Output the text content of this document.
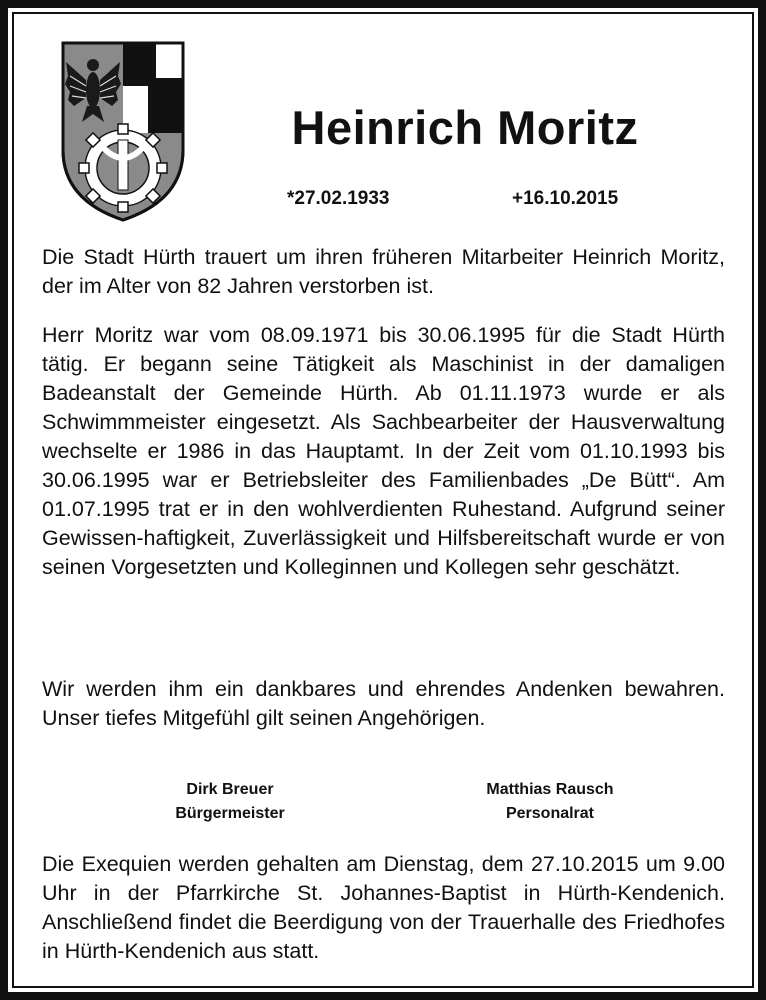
Heinrich Moritz
*27.02.1933	+16.10.2015

Die Stadt Hürth trauert um ihren früheren Mitarbeiter Heinrich Moritz, der im Alter von 82 Jahren verstorben ist.

Herr Moritz war vom 08.09.1971 bis 30.06.1995 für die Stadt Hürth tätig. Er begann seine Tätigkeit als Maschinist in der damaligen Badeanstalt der Gemeinde Hürth. Ab 01.11.1973 wurde er als Schwimmmeister eingesetzt. Als Sachbearbeiter der Hausverwaltung wechselte er 1986 in das Hauptamt. In der Zeit vom 01.10.1993 bis 30.06.1995 war er Betriebsleiter des Familienbades „De Bütt“. Am 01.07.1995 trat er in den wohlverdienten Ruhestand. Aufgrund seiner Gewissen-haftigkeit, Zuverlässigkeit und Hilfsbereitschaft wurde er von seinen Vorgesetzten und Kolleginnen und Kollegen sehr geschätzt.

Wir werden ihm ein dankbares und ehrendes Andenken bewahren. Unser tiefes Mitgefühl gilt seinen Angehörigen.

Dirk Breuer
Bürgermeister
Matthias Rausch
Personalrat

Die Exequien werden gehalten am Dienstag, dem 27.10.2015 um 9.00 Uhr in der Pfarrkirche St. Johannes-Baptist in Hürth-Kendenich. Anschließend findet die Beerdigung von der Trauerhalle des Friedhofes in Hürth-Kendenich aus statt.
